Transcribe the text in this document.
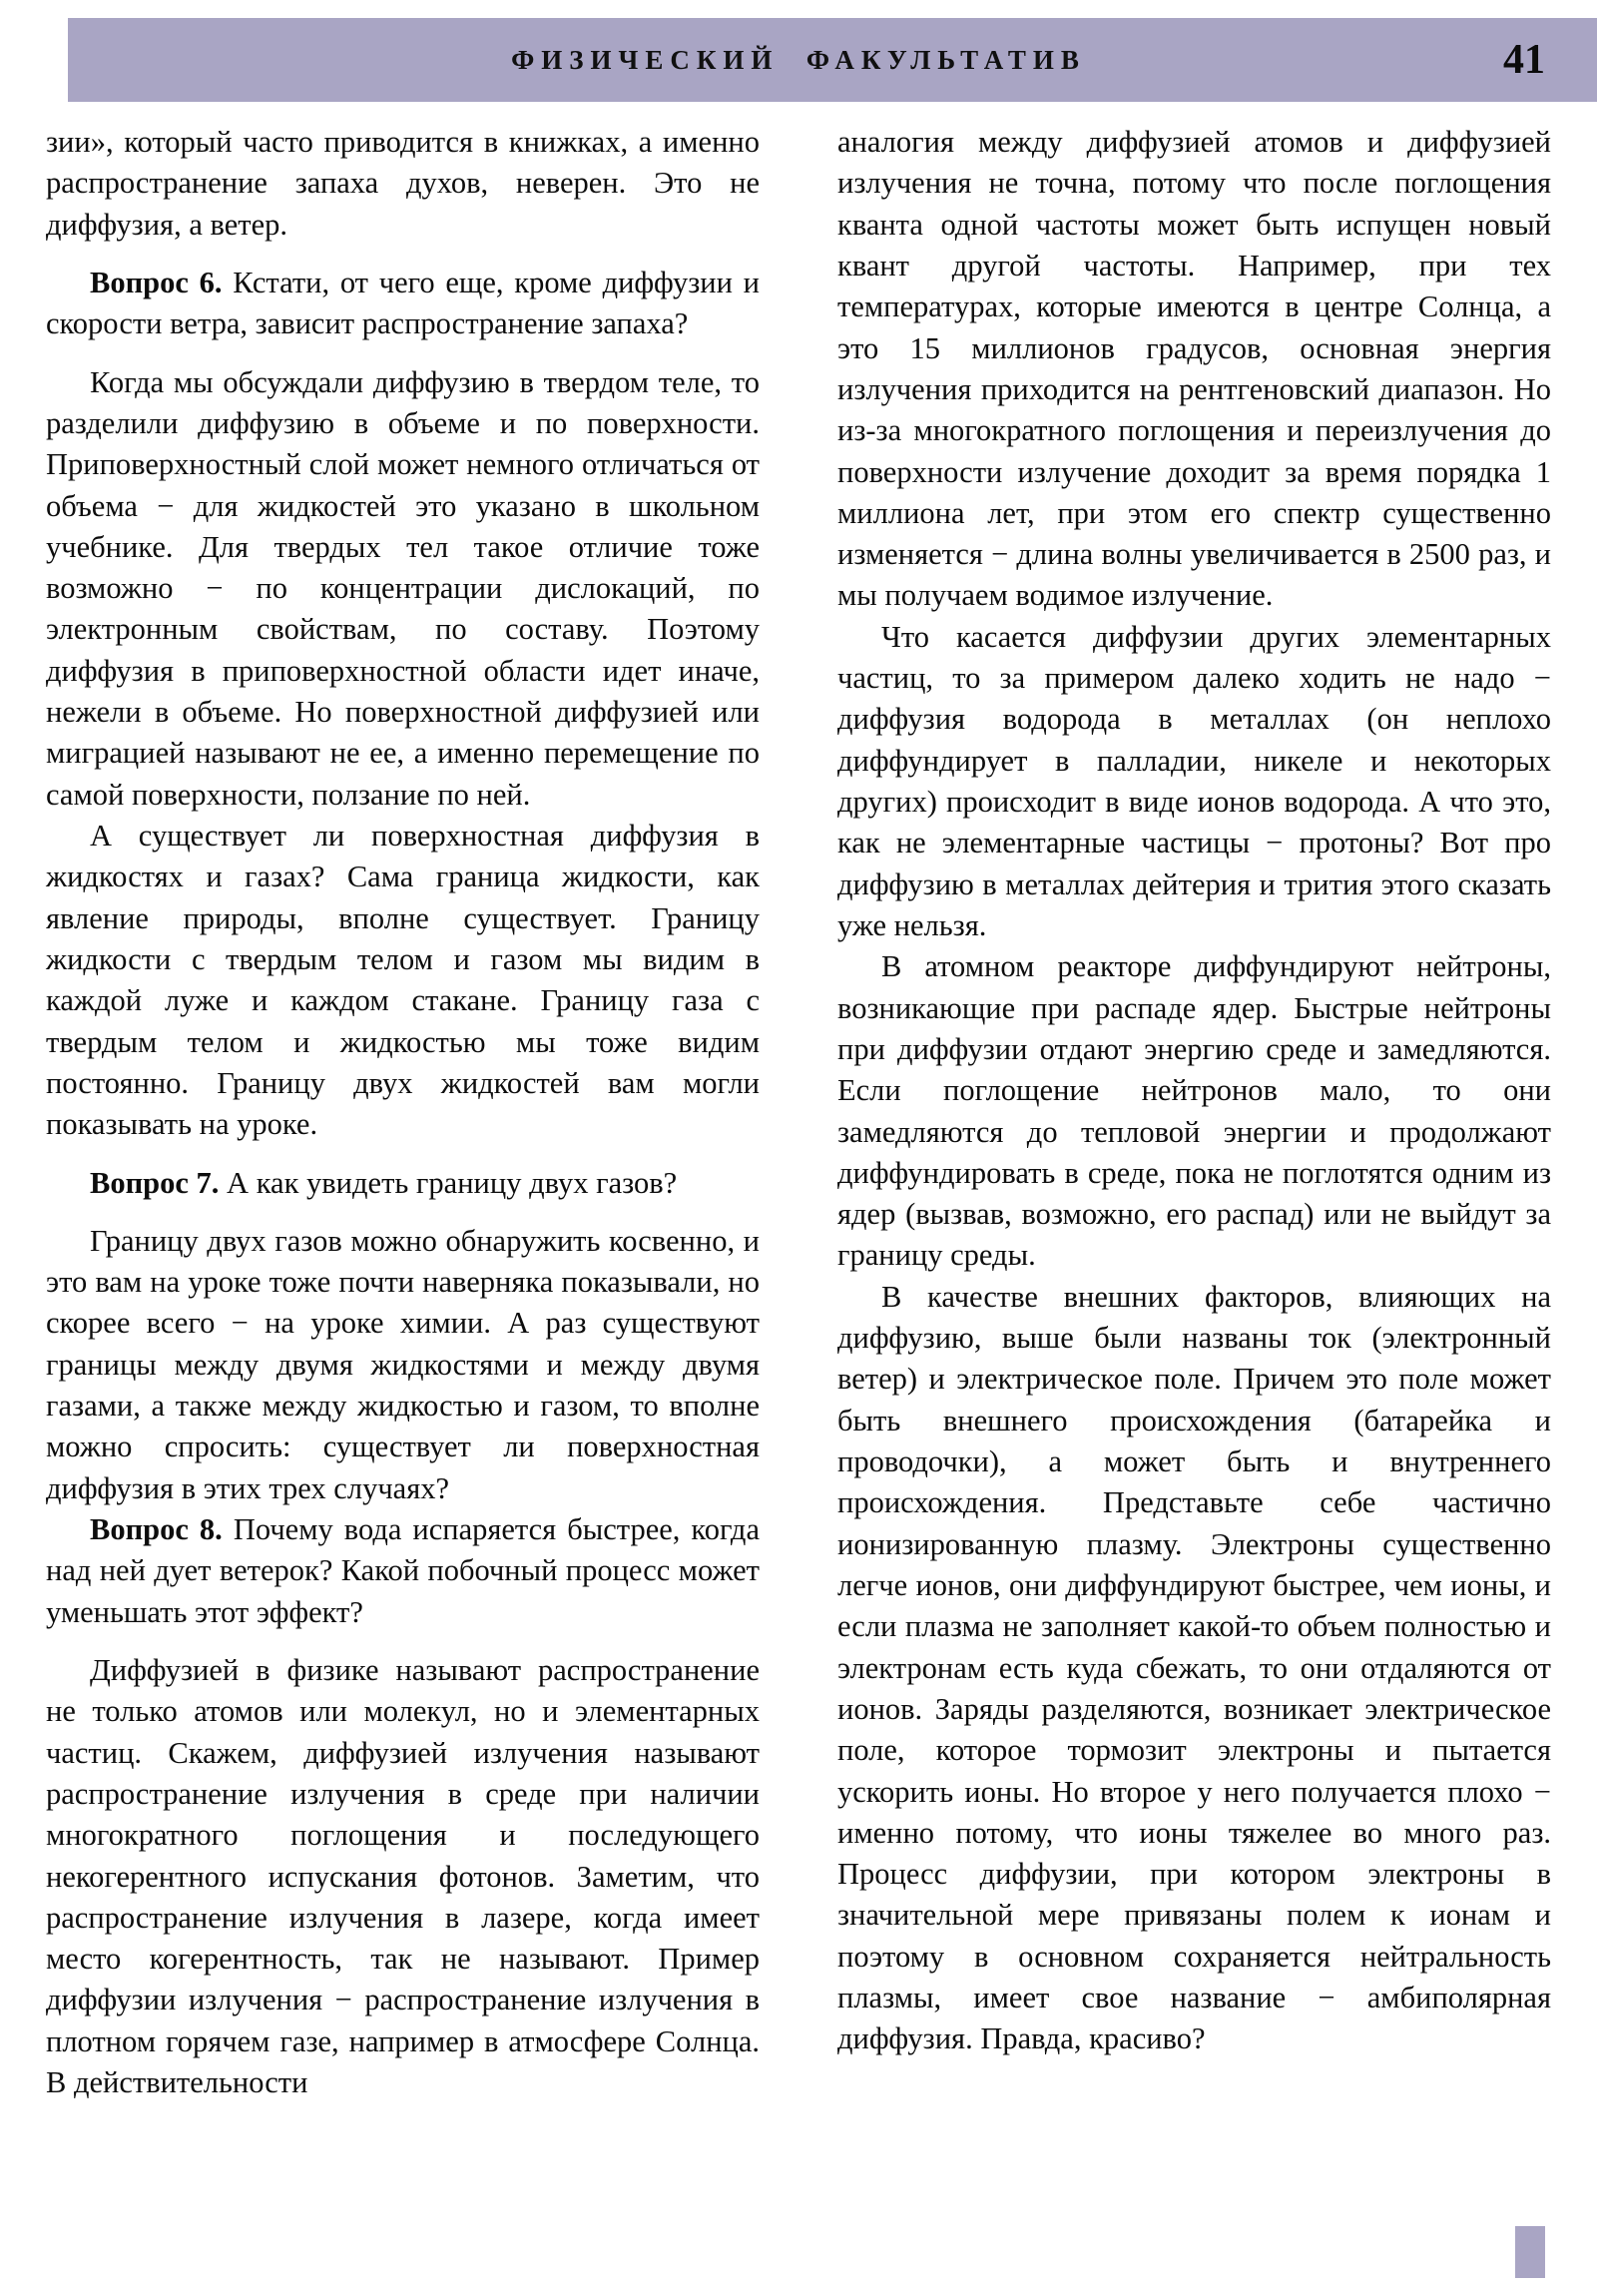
ФИЗИЧЕСКИЙ  ФАКУЛЬТАТИВ	41

зии», который часто приводится в книжках, а именно распространение запаха духов, неверен. Это не диффузия, а ветер.

Вопрос 6. Кстати, от чего еще, кроме диффузии и скорости ветра, зависит распространение запаха?

Когда мы обсуждали диффузию в твердом теле, то разделили диффузию в объеме и по поверхности. Приповерхностный слой может немного отличаться от объема − для жидкостей это указано в школьном учебнике. Для твердых тел такое отличие тоже возможно − по концентрации дислокаций, по электронным свойствам, по составу. Поэтому диффузия в приповерхностной области идет иначе, нежели в объеме. Но поверхностной диффузией или миграцией называют не ее, а именно перемещение по самой поверхности, ползание по ней.

А существует ли поверхностная диффузия в жидкостях и газах? Сама граница жидкости, как явление природы, вполне существует. Границу жидкости с твердым телом и газом мы видим в каждой луже и каждом стакане. Границу газа с твердым телом и жидкостью мы тоже видим постоянно. Границу двух жидкостей вам могли показывать на уроке.

Вопрос 7. А как увидеть границу двух газов?

Границу двух газов можно обнаружить косвенно, и это вам на уроке тоже почти наверняка показывали, но скорее всего − на уроке химии. А раз существуют границы между двумя жидкостями и между двумя газами, а также между жидкостью и газом, то вполне можно спросить: существует ли поверхностная диффузия в этих трех случаях?

Вопрос 8. Почему вода испаряется быстрее, когда над ней дует ветерок? Какой побочный процесс может уменьшать этот эффект?

Диффузией в физике называют распространение не только атомов или молекул, но и элементарных частиц. Скажем, диффузией излучения называют распространение излучения в среде при наличии многократного поглощения и последующего некогерентного испускания фотонов. Заметим, что распространение излучения в лазере, когда имеет место когерентность, так не называют. Пример диффузии излучения − распространение излучения в плотном горячем газе, например в атмосфере Солнца. В действительности

аналогия между диффузией атомов и диффузией излучения не точна, потому что после поглощения кванта одной частоты может быть испущен новый квант другой частоты. Например, при тех температурах, которые имеются в центре Солнца, а это 15 миллионов градусов, основная энергия излучения приходится на рентгеновский диапазон. Но из-за многократного поглощения и переизлучения до поверхности излучение доходит за время порядка 1 миллиона лет, при этом его спектр существенно изменяется − длина волны увеличивается в 2500 раз, и мы получаем водимое излучение.

Что касается диффузии других элементарных частиц, то за примером далеко ходить не надо − диффузия водорода в металлах (он неплохо диффундирует в палладии, никеле и некоторых других) происходит в виде ионов водорода. А что это, как не элементарные частицы − протоны? Вот про диффузию в металлах дейтерия и трития этого сказать уже нельзя.

В атомном реакторе диффундируют нейтроны, возникающие при распаде ядер. Быстрые нейтроны при диффузии отдают энергию среде и замедляются. Если поглощение нейтронов мало, то они замедляются до тепловой энергии и продолжают диффундировать в среде, пока не поглотятся одним из ядер (вызвав, возможно, его распад) или не выйдут за границу среды.

В качестве внешних факторов, влияющих на диффузию, выше были названы ток (электронный ветер) и электрическое поле. Причем это поле может быть внешнего происхождения (батарейка и проводочки), а может быть и внутреннего происхождения. Представьте себе частично ионизированную плазму. Электроны существенно легче ионов, они диффундируют быстрее, чем ионы, и если плазма не заполняет какой-то объем полностью и электронам есть куда сбежать, то они отдаляются от ионов. Заряды разделяются, возникает электрическое поле, которое тормозит электроны и пытается ускорить ионы. Но второе у него получается плохо − именно потому, что ионы тяжелее во много раз. Процесс диффузии, при котором электроны в значительной мере привязаны полем к ионам и поэтому в основном сохраняется нейтральность плазмы, имеет свое название − амбиполярная диффузия. Правда, красиво?
